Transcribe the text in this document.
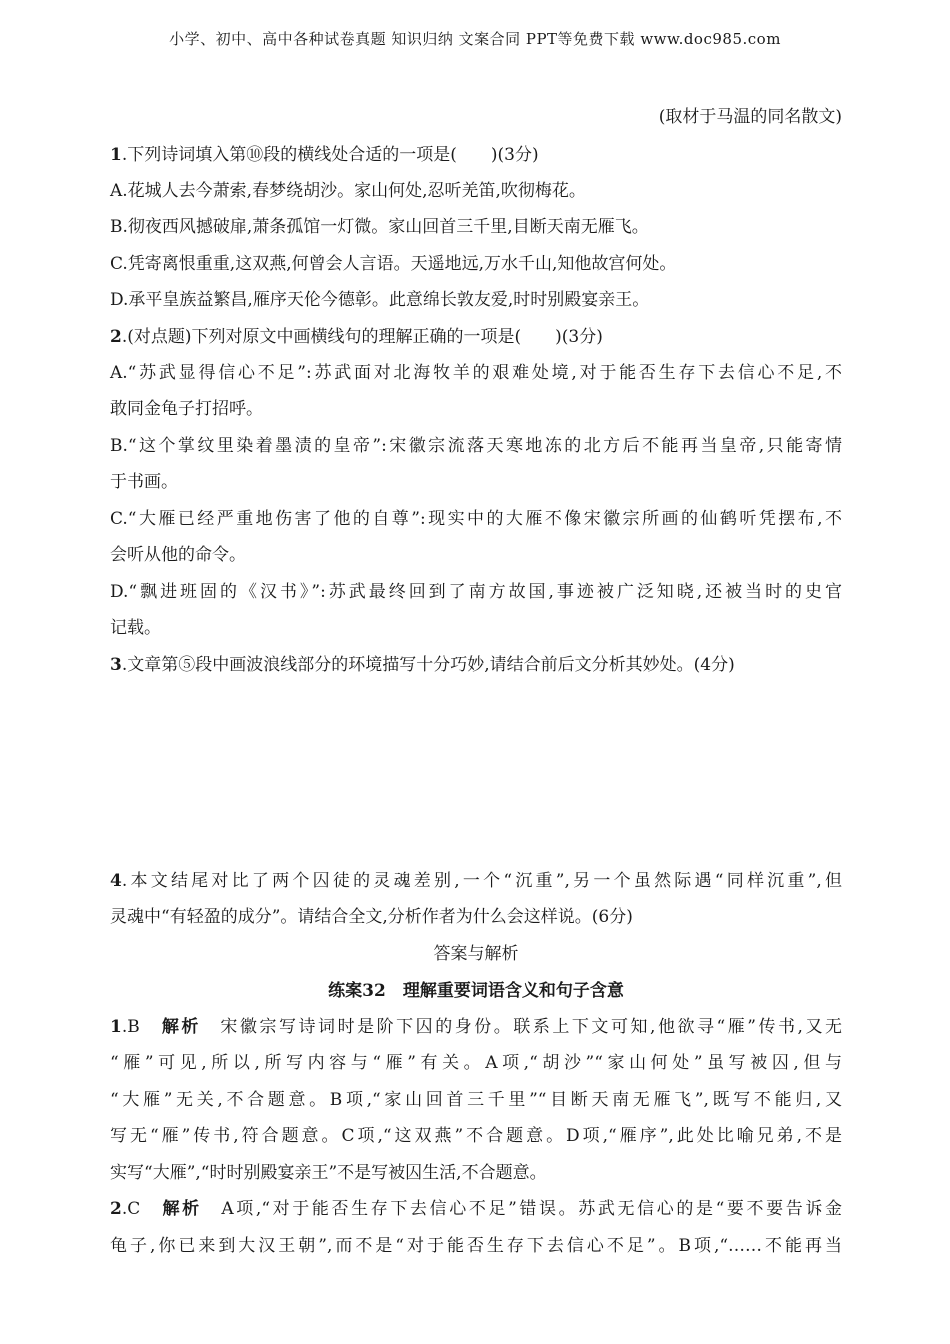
小学、初中、高中各种试卷真题 知识归纳 文案合同 PPT等免费下载 www.doc985.com
(取材于马温的同名散文)
1.下列诗词填入第⑩段的横线处合适的一项是(　　)(3分)
A.花城人去今萧索,春梦绕胡沙。家山何处,忍听羌笛,吹彻梅花。
B.彻夜西风撼破扉,萧条孤馆一灯微。家山回首三千里,目断天南无雁飞。
C.凭寄离恨重重,这双燕,何曾会人言语。天遥地远,万水千山,知他故宫何处。
D.承平皇族益繁昌,雁序天伦今德彰。此意绵长敦友爱,时时别殿宴亲王。
2.(对点题)下列对原文中画横线句的理解正确的一项是(　　)(3分)
A.“苏武显得信心不足”:苏武面对北海牧羊的艰难处境,对于能否生存下去信心不足,不
敢同金龟子打招呼。
B.“这个掌纹里染着墨渍的皇帝”:宋徽宗流落天寒地冻的北方后不能再当皇帝,只能寄情
于书画。
C.“大雁已经严重地伤害了他的自尊”:现实中的大雁不像宋徽宗所画的仙鹤听凭摆布,不
会听从他的命令。
D.“飘进班固的《汉书》”:苏武最终回到了南方故国,事迹被广泛知晓,还被当时的史官
记载。
3.文章第⑤段中画波浪线部分的环境描写十分巧妙,请结合前后文分析其妙处。(4分)
4.本文结尾对比了两个囚徒的灵魂差别,一个“沉重”,另一个虽然际遇“同样沉重”,但
灵魂中“有轻盈的成分”。请结合全文,分析作者为什么会这样说。(6分)
答案与解析
练案32　理解重要词语含义和句子含意
1.B　 解析　 宋徽宗写诗词时是阶下囚的身份。联系上下文可知,他欲寻“雁”传书,又无
“雁”可见,所以,所写内容与“雁”有关。A项,“胡沙”“家山何处”虽写被囚,但与
“大雁”无关,不合题意。B项,“家山回首三千里”“目断天南无雁飞”,既写不能归,又
写无“雁”传书,符合题意。C项,“这双燕”不合题意。D项,“雁序”,此处比喻兄弟,不是
实写“大雁”,“时时别殿宴亲王”不是写被囚生活,不合题意。
2.C　 解析　 A项,“对于能否生存下去信心不足”错误。苏武无信心的是“要不要告诉金
龟子,你已来到大汉王朝”,而不是“对于能否生存下去信心不足”。B项,“……不能再当
